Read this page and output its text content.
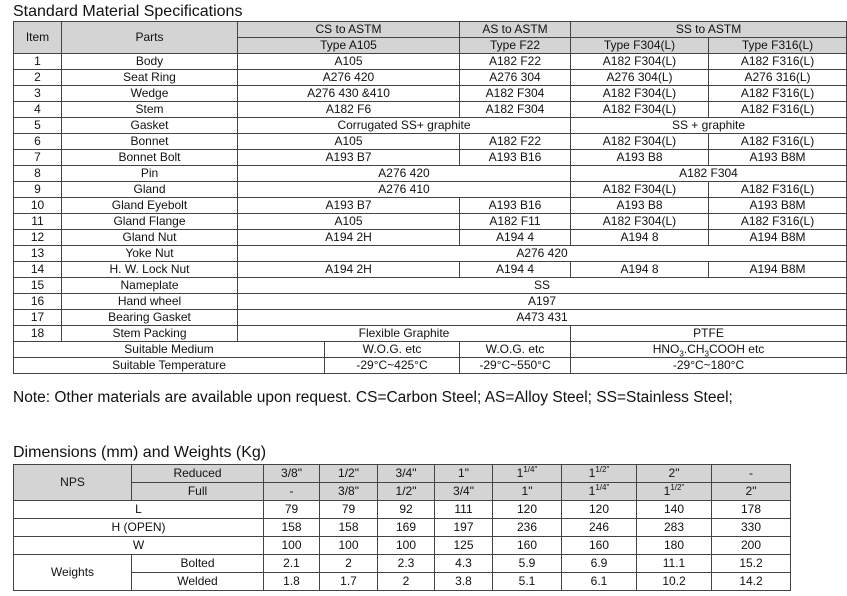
Standard Material Specifications
Item	Parts	CS to ASTM		AS to ASTM	SS to ASTM	
		Type A105		Type F22	Type F304(L)	Type F316(L)
1	Body	A105		A182 F22	A182 F304(L)	A182 F316(L)
2	Seat Ring	A276 420		A276 304	A276 304(L)	A276 316(L)
3	Wedge	A276 430 &410		A182 F304	A182 F304(L)	A182 F316(L)
4	Stem	A182 F6		A182 F304	A182 F304(L)	A182 F316(L)
5	Gasket	Corrugated SS+ graphite			SS + graphite	
6	Bonnet	A105		A182 F22	A182 F304(L)	A182 F316(L)
7	Bonnet Bolt	A193 B7		A193 B16	A193 B8	A193 B8M
8	Pin	A276 420			A182 F304	
9	Gland	A276 410			A182 F304(L)	A182 F316(L)
10	Gland Eyebolt	A193 B7		A193 B16	A193 B8	A193 B8M
11	Gland Flange	A105		A182 F11	A182 F304(L)	A182 F316(L)
12	Gland Nut	A194 2H		A194 4	A194 8	A194 B8M
13	Yoke Nut	A276 420				
14	H. W. Lock Nut	A194 2H		A194 4	A194 8	A194 B8M
15	Nameplate	SS				
16	Hand wheel	A197				
17	Bearing Gasket	A473 431				
18	Stem Packing	Flexible Graphite			PTFE	
Suitable Medium			W.O.G. etc	W.O.G. etc	$HNO_3.CH_3COOH$ etc	
Suitable Temperature			-29°C~425°C	-29°C~550°C	-29°C~180°C	
Note: Other materials are available upon request. CS=Carbon Steel; AS=Alloy Steel; SS=Stainless Steel;
Dimensions (mm) and Weights (Kg)
NPS	Reduced	3/8"	1/2"	3/4"	1"	$1^{1/4"}$	$1^{1/2"}$	2"	-
	Full	-	3/8"	1/2"	3/4"	1"	$1^{1/4"}$	$1^{1/2"}$	2"
L		79	79	92	111	120	120	140	178
H (OPEN)		158	158	169	197	236	246	283	330
W		100	100	100	125	160	160	180	200
Weights	Bolted	2.1	2	2.3	4.3	5.9	6.9	11.1	15.2
	Welded	1.8	1.7	2	3.8	5.1	6.1	10.2	14.2
